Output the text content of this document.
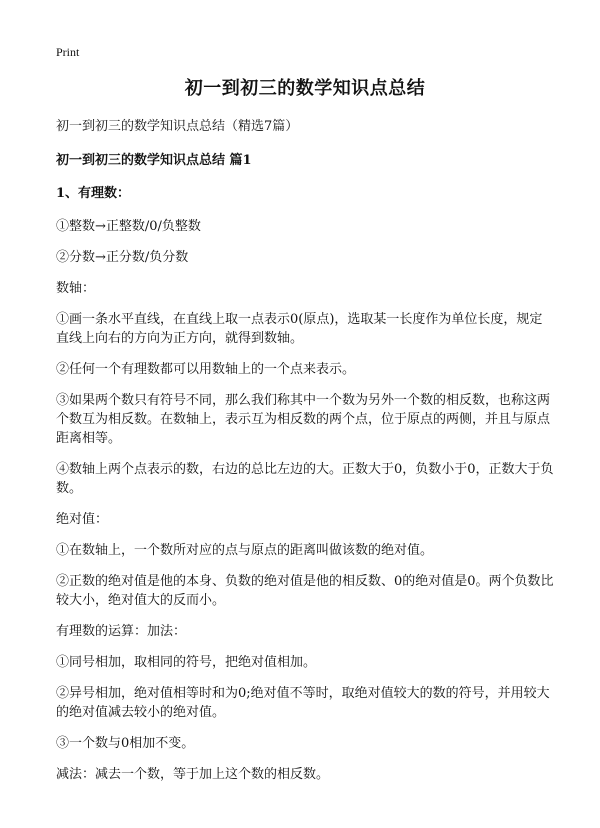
Print
初一到初三的数学知识点总结
初一到初三的数学知识点总结（精选7篇）
初一到初三的数学知识点总结 篇1
1、有理数：
①整数→正整数/0/负整数
②分数→正分数/负分数
数轴：
①画一条水平直线，在直线上取一点表示0(原点)，选取某一长度作为单位长度，规定直线上向右的方向为正方向，就得到数轴。
②任何一个有理数都可以用数轴上的一个点来表示。
③如果两个数只有符号不同，那么我们称其中一个数为另外一个数的相反数，也称这两个数互为相反数。在数轴上，表示互为相反数的两个点，位于原点的两侧，并且与原点距离相等。
④数轴上两个点表示的数，右边的总比左边的大。正数大于0，负数小于0，正数大于负数。
绝对值：
①在数轴上，一个数所对应的点与原点的距离叫做该数的绝对值。
②正数的绝对值是他的本身、负数的绝对值是他的相反数、0的绝对值是0。两个负数比较大小，绝对值大的反而小。
有理数的运算：加法：
①同号相加，取相同的符号，把绝对值相加。
②异号相加，绝对值相等时和为0;绝对值不等时，取绝对值较大的数的符号，并用较大的绝对值减去较小的绝对值。
③一个数与0相加不变。
减法：减去一个数，等于加上这个数的相反数。
